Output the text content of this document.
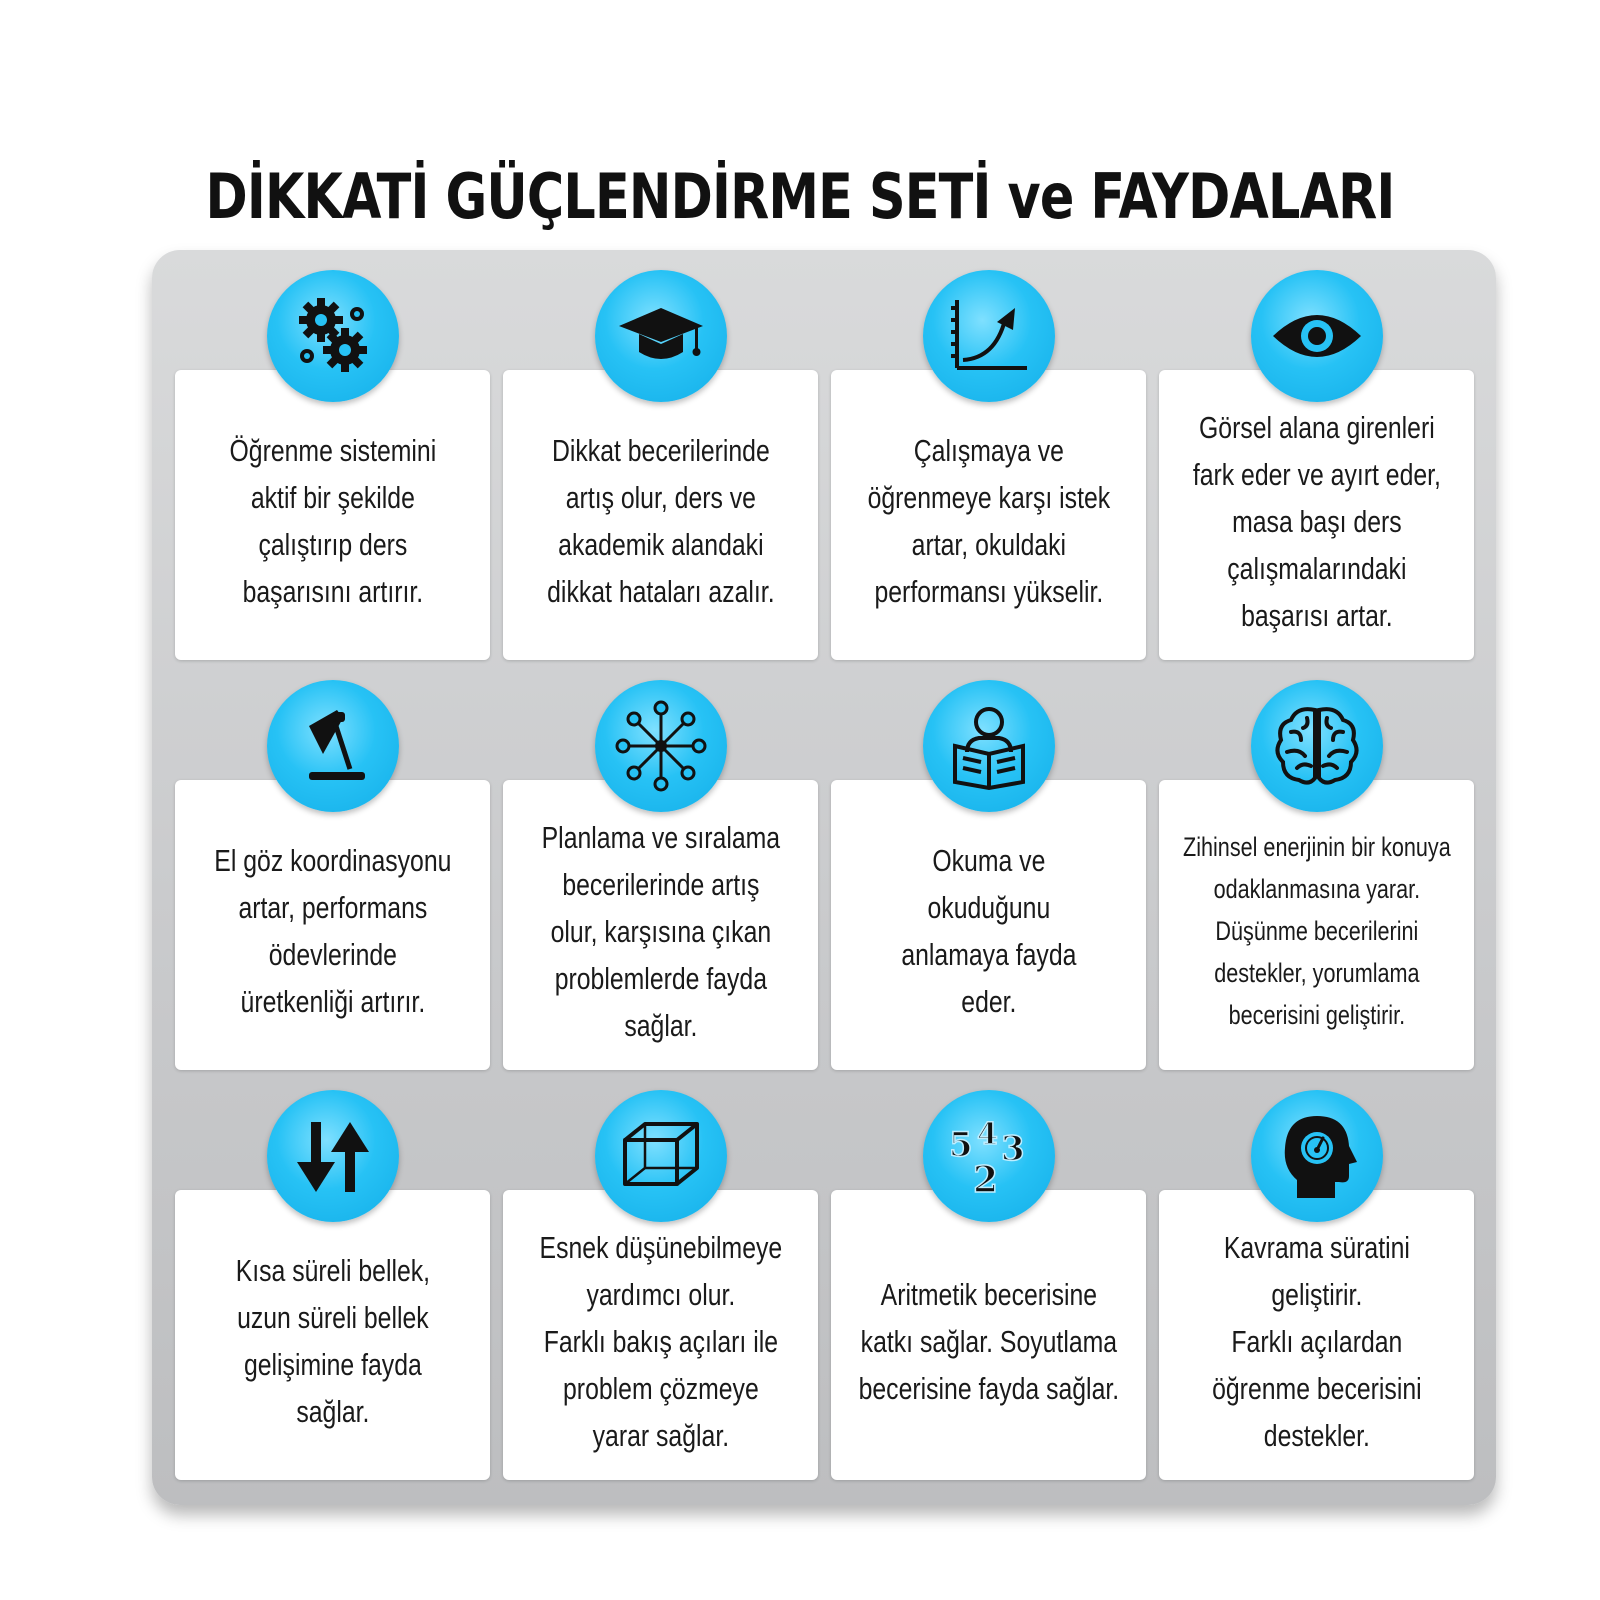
DİKKATİ GÜÇLENDİRME SETİ ve FAYDALARI
Öğrenme sistemini
aktif bir şekilde
çalıştırıp ders
başarısını artırır.
Dikkat becerilerinde
artış olur, ders ve
akademik alandaki
dikkat hataları azalır.
Çalışmaya ve
öğrenmeye karşı istek
artar, okuldaki
performansı yükselir.
Görsel alana girenleri
fark eder ve ayırt eder,
masa başı ders
çalışmalarındaki
başarısı artar.
El göz koordinasyonu
artar, performans
ödevlerinde
üretkenliği artırır.
Planlama ve sıralama
becerilerinde artış
olur, karşısına çıkan
problemlerde fayda
sağlar.
Okuma ve
okuduğunu
anlamaya fayda
eder.
Zihinsel enerjinin bir konuya
odaklanmasına yarar.
Düşünme becerilerini
destekler, yorumlama
becerisini geliştirir.
Kısa süreli bellek,
uzun süreli bellek
gelişimine fayda
sağlar.
Esnek düşünebilmeye
yardımcı olur.
Farklı bakış açıları ile
problem çözmeye
yarar sağlar.
Aritmetik becerisine
katkı sağlar. Soyutlama
becerisine fayda sağlar.
5 4 3
2
Kavrama süratini
geliştirir.
Farklı açılardan
öğrenme becerisini
destekler.
